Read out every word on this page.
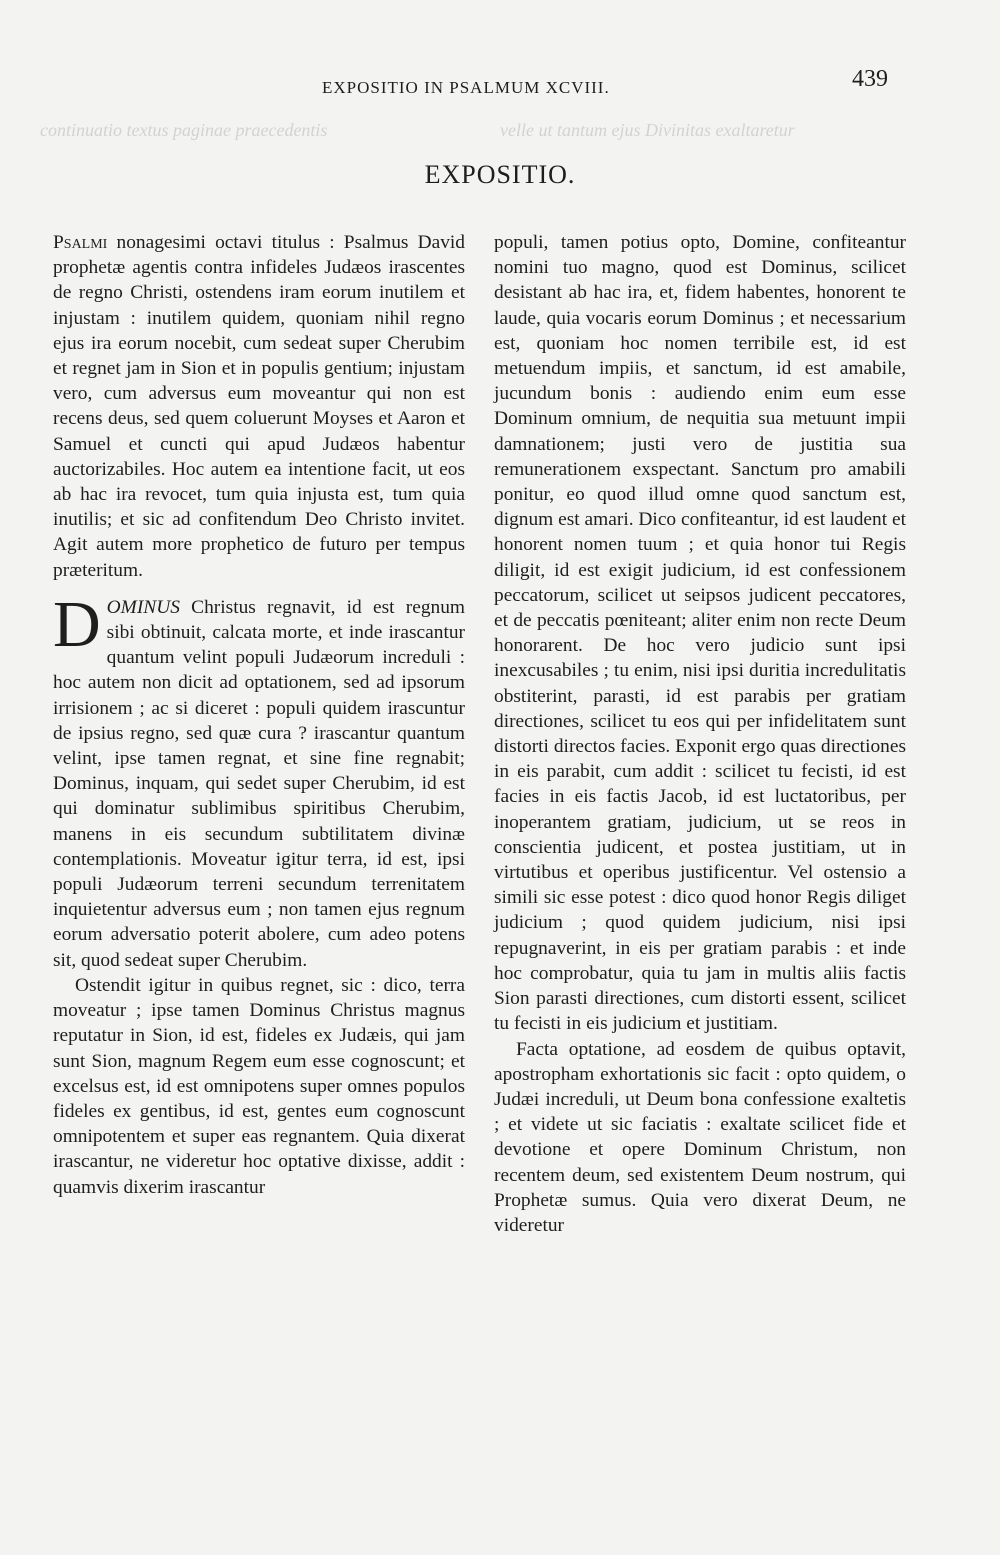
continuatio textus paginae praecedentis	velle ut tantum ejus Divinitas exaltaretur
EXPOSITIO IN PSALMUM XCVIII.	439
EXPOSITIO.

Psalmi nonagesimi octavi titulus : Psalmus David prophetæ agentis contra infideles Judæos irascentes de regno Christi, ostendens iram eorum inutilem et injustam : inutilem quidem, quoniam nihil regno ejus ira eorum nocebit, cum sedeat super Cherubim et regnet jam in Sion et in populis gentium; injustam vero, cum adversus eum moveantur qui non est recens deus, sed quem coluerunt Moyses et Aaron et Samuel et cuncti qui apud Judæos habentur auctorizabiles. Hoc autem ea intentione facit, ut eos ab hac ira revocet, tum quia injusta est, tum quia inutilis; et sic ad confitendum Deo Christo invitet. Agit autem more prophetico de futuro per tempus præteritum.

D OMINUS Christus regnavit, id est regnum sibi obtinuit, calcata morte, et inde irascantur quantum velint populi Judæorum increduli : hoc autem non dicit ad optationem, sed ad ipsorum irrisionem ; ac si diceret : populi quidem irascuntur de ipsius regno, sed quæ cura ? irascantur quantum velint, ipse tamen regnat, et sine fine regnabit; Dominus, inquam, qui sedet super Cherubim, id est qui dominatur sublimibus spiritibus Cherubim, manens in eis secundum subtilitatem divinæ contemplationis. Moveatur igitur terra, id est, ipsi populi Judæorum terreni secundum terrenitatem inquietentur adversus eum ; non tamen ejus regnum eorum adversatio poterit abolere, cum adeo potens sit, quod sedeat super Cherubim.

Ostendit igitur in quibus regnet, sic : dico, terra moveatur ; ipse tamen Dominus Christus magnus reputatur in Sion, id est, fideles ex Judæis, qui jam sunt Sion, magnum Regem eum esse cognoscunt; et excelsus est, id est omnipotens super omnes populos fideles ex gentibus, id est, gentes eum cognoscunt omnipotentem et super eas regnantem. Quia dixerat irascantur, ne videretur hoc optative dixisse, addit : quamvis dixerim irascantur

populi, tamen potius opto, Domine, confiteantur nomini tuo magno, quod est Dominus, scilicet desistant ab hac ira, et, fidem habentes, honorent te laude, quia vocaris eorum Dominus ; et necessarium est, quoniam hoc nomen terribile est, id est metuendum impiis, et sanctum, id est amabile, jucundum bonis : audiendo enim eum esse Dominum omnium, de nequitia sua metuunt impii damnationem; justi vero de justitia sua remunerationem exspectant. Sanctum pro amabili ponitur, eo quod illud omne quod sanctum est, dignum est amari. Dico confiteantur, id est laudent et honorent nomen tuum ; et quia honor tui Regis diligit, id est exigit judicium, id est confessionem peccatorum, scilicet ut seipsos judicent peccatores, et de peccatis pœniteant; aliter enim non recte Deum honorarent. De hoc vero judicio sunt ipsi inexcusabiles ; tu enim, nisi ipsi duritia incredulitatis obstiterint, parasti, id est parabis per gratiam directiones, scilicet tu eos qui per infidelitatem sunt distorti directos facies. Exponit ergo quas directiones in eis parabit, cum addit : scilicet tu fecisti, id est facies in eis factis Jacob, id est luctatoribus, per inoperantem gratiam, judicium, ut se reos in conscientia judicent, et postea justitiam, ut in virtutibus et operibus justificentur. Vel ostensio a simili sic esse potest : dico quod honor Regis diliget judicium ; quod quidem judicium, nisi ipsi repugnaverint, in eis per gratiam parabis : et inde hoc comprobatur, quia tu jam in multis aliis factis Sion parasti directiones, cum distorti essent, scilicet tu fecisti in eis judicium et justitiam.

Facta optatione, ad eosdem de quibus optavit, apostropham exhortationis sic facit : opto quidem, o Judæi increduli, ut Deum bona confessione exaltetis ; et videte ut sic faciatis : exaltate scilicet fide et devotione et opere Dominum Christum, non recentem deum, sed existentem Deum nostrum, qui Prophetæ sumus. Quia vero dixerat Deum, ne videretur
